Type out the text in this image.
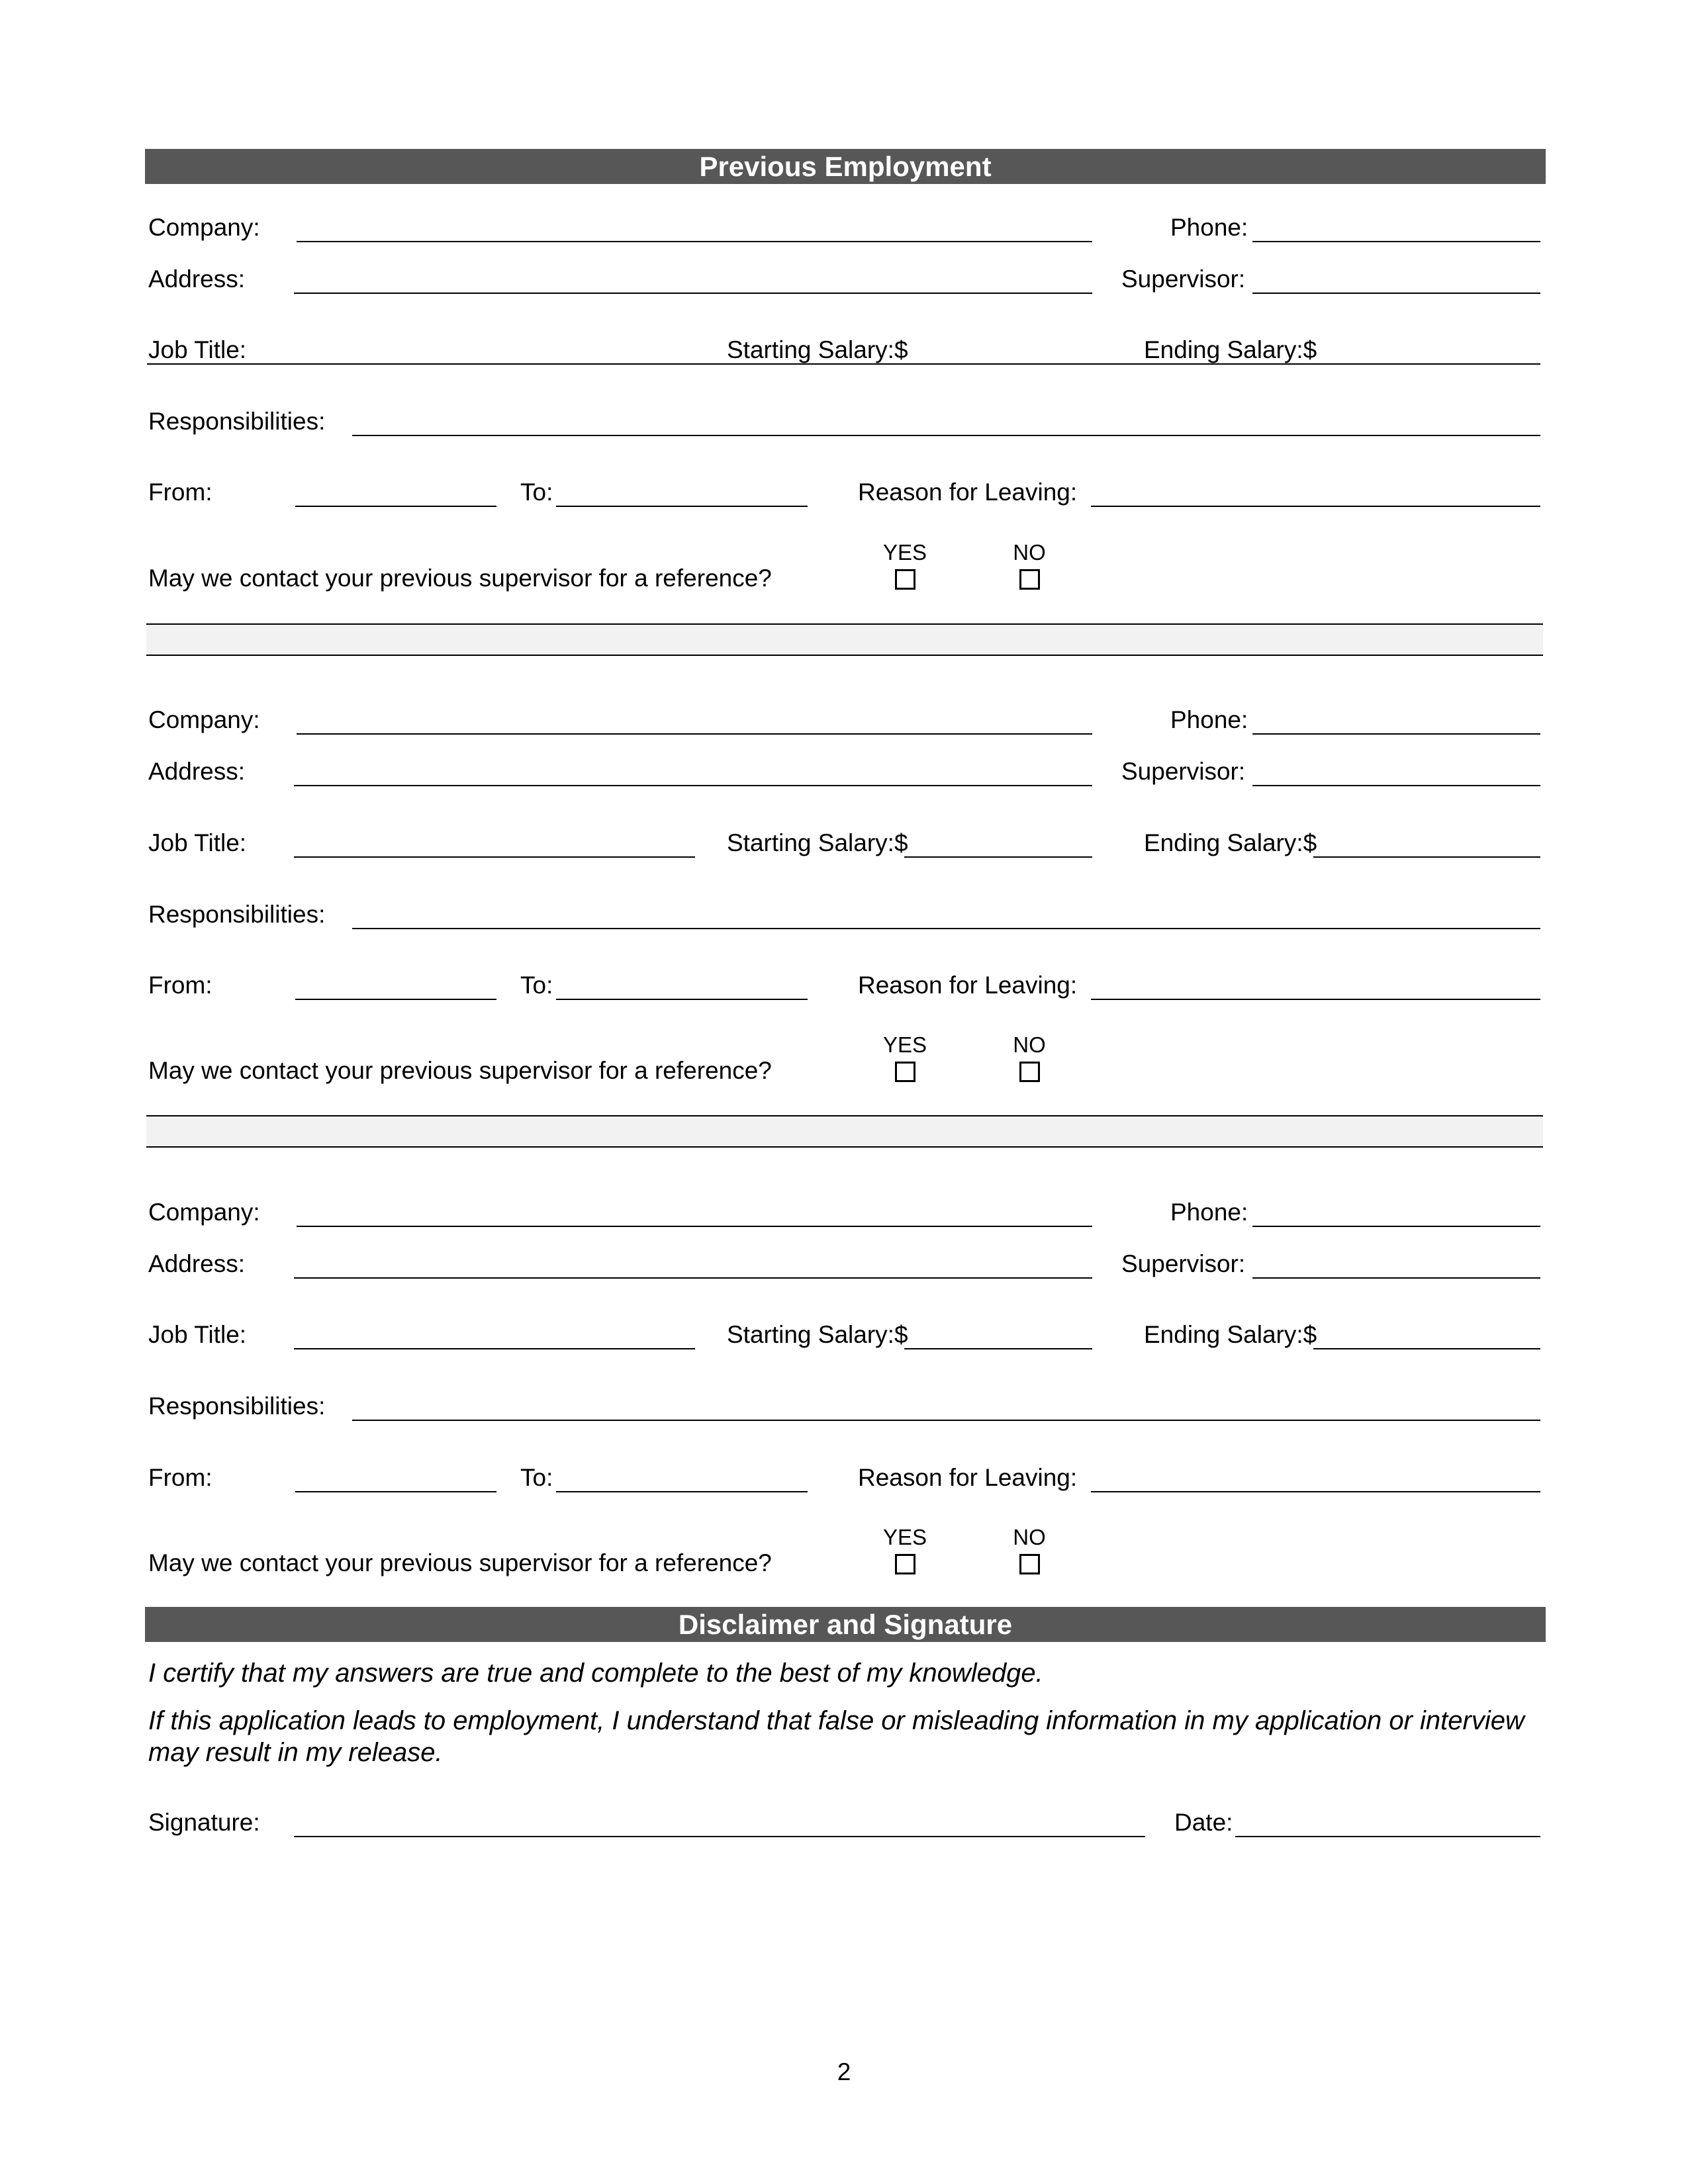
Previous Employment
Company:	Phone:
Address:	Supervisor:
Job Title:	Starting Salary:$	Ending Salary:$
Responsibilities:
From:	To:	Reason for Leaving:
YES	NO
May we contact your previous supervisor for a reference?
Company:	Phone:
Address:	Supervisor:
Job Title:	Starting Salary:$	Ending Salary:$
Responsibilities:
From:	To:	Reason for Leaving:
YES	NO
May we contact your previous supervisor for a reference?
Company:	Phone:
Address:	Supervisor:
Job Title:	Starting Salary:$	Ending Salary:$
Responsibilities:
From:	To:	Reason for Leaving:
YES	NO
May we contact your previous supervisor for a reference?
Disclaimer and Signature
I certify that my answers are true and complete to the best of my knowledge.
If this application leads to employment, I understand that false or misleading information in my application or interview may result in my release.
Signature:	Date:
2
